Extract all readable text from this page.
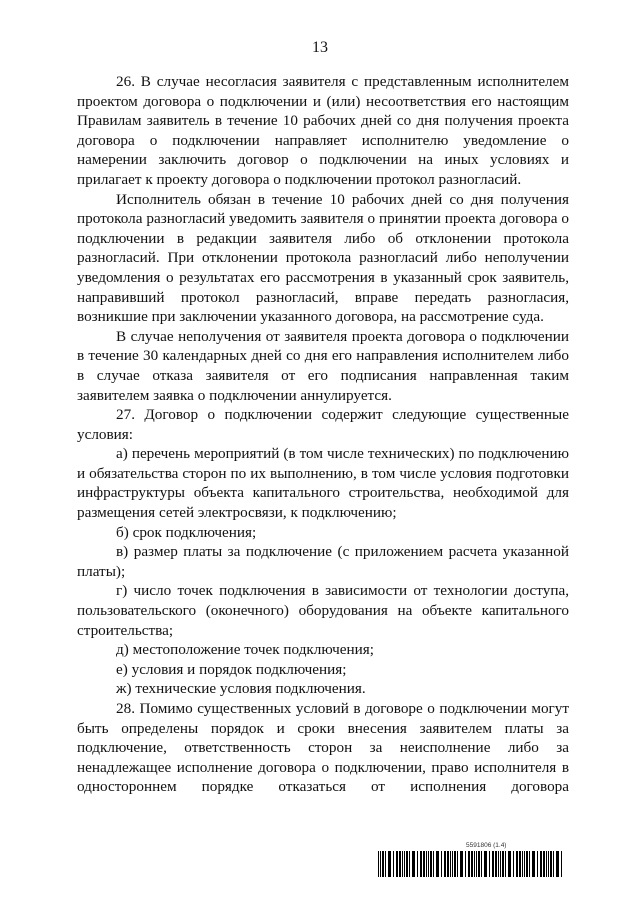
13

26. В случае несогласия заявителя с представленным исполнителем проектом договора о подключении и (или) несоответствия его настоящим Правилам заявитель в течение 10 рабочих дней со дня получения проекта договора о подключении направляет исполнителю уведомление о намерении заключить договор о подключении на иных условиях и прилагает к проекту договора о подключении протокол разногласий.

Исполнитель обязан в течение 10 рабочих дней со дня получения протокола разногласий уведомить заявителя о принятии проекта договора о подключении в редакции заявителя либо об отклонении протокола разногласий. При отклонении протокола разногласий либо неполучении уведомления о результатах его рассмотрения в указанный срок заявитель, направивший протокол разногласий, вправе передать разногласия, возникшие при заключении указанного договора, на рассмотрение суда.

В случае неполучения от заявителя проекта договора о подключении в течение 30 календарных дней со дня его направления исполнителем либо в случае отказа заявителя от его подписания направленная таким заявителем заявка о подключении аннулируется.

27. Договор о подключении содержит следующие существенные условия:

а) перечень мероприятий (в том числе технических) по подключению и обязательства сторон по их выполнению, в том числе условия подготовки инфраструктуры объекта капитального строительства, необходимой для размещения сетей электросвязи, к подключению;

б) срок подключения;

в) размер платы за подключение (с приложением расчета указанной платы);

г) число точек подключения в зависимости от технологии доступа, пользовательского (оконечного) оборудования на объекте капитального строительства;

д) местоположение точек подключения;

е) условия и порядок подключения;

ж) технические условия подключения.

28. Помимо существенных условий в договоре о подключении могут быть определены порядок и сроки внесения заявителем платы за подключение, ответственность сторон за неисполнение либо за ненадлежащее исполнение договора о подключении, право исполнителя в одностороннем порядке отказаться от исполнения договора

5591806 (1.4)
